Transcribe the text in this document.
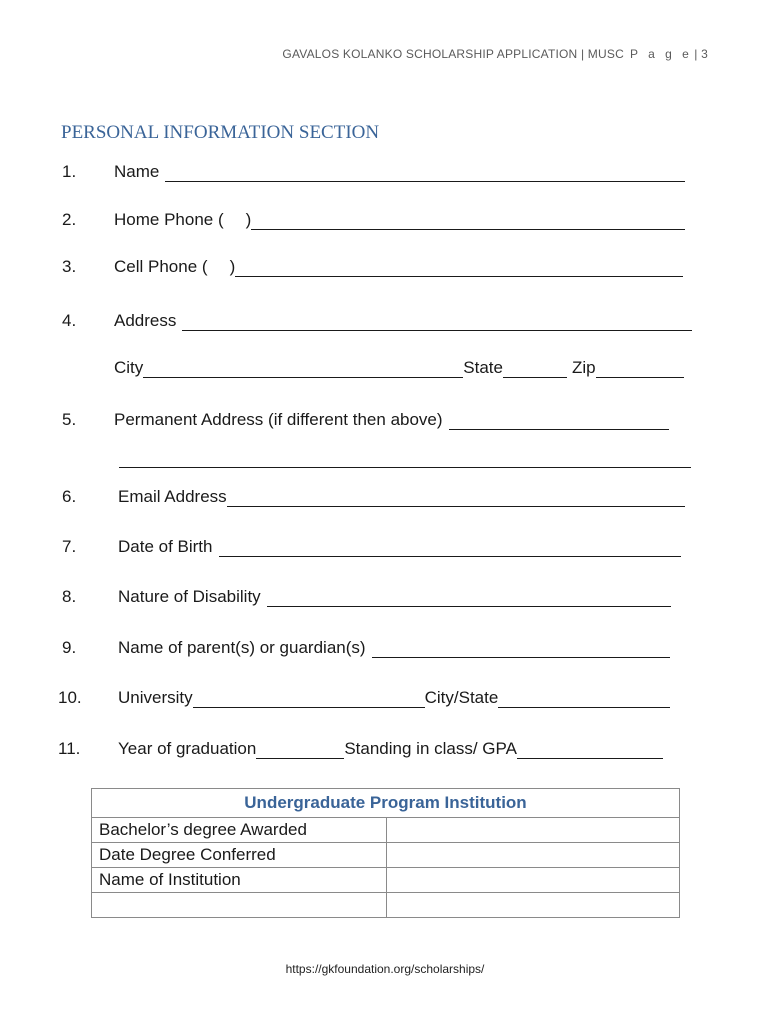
GAVALOS KOLANKO SCHOLARSHIP APPLICATION | MUSC P a g e | 3
PERSONAL INFORMATION SECTION
1. Name
2. Home Phone ( )
3. Cell Phone ( )
4. Address
City	State	Zip
5. Permanent Address (if different then above)
6. Email Address
7. Date of Birth
8. Nature of Disability
9. Name of parent(s) or guardian(s)
10. University	City/State
11. Year of graduation	Standing in class/ GPA
Undergraduate Program Institution	
Bachelor’s degree Awarded	
Date Degree Conferred	
Name of Institution	

https://gkfoundation.org/scholarships/
